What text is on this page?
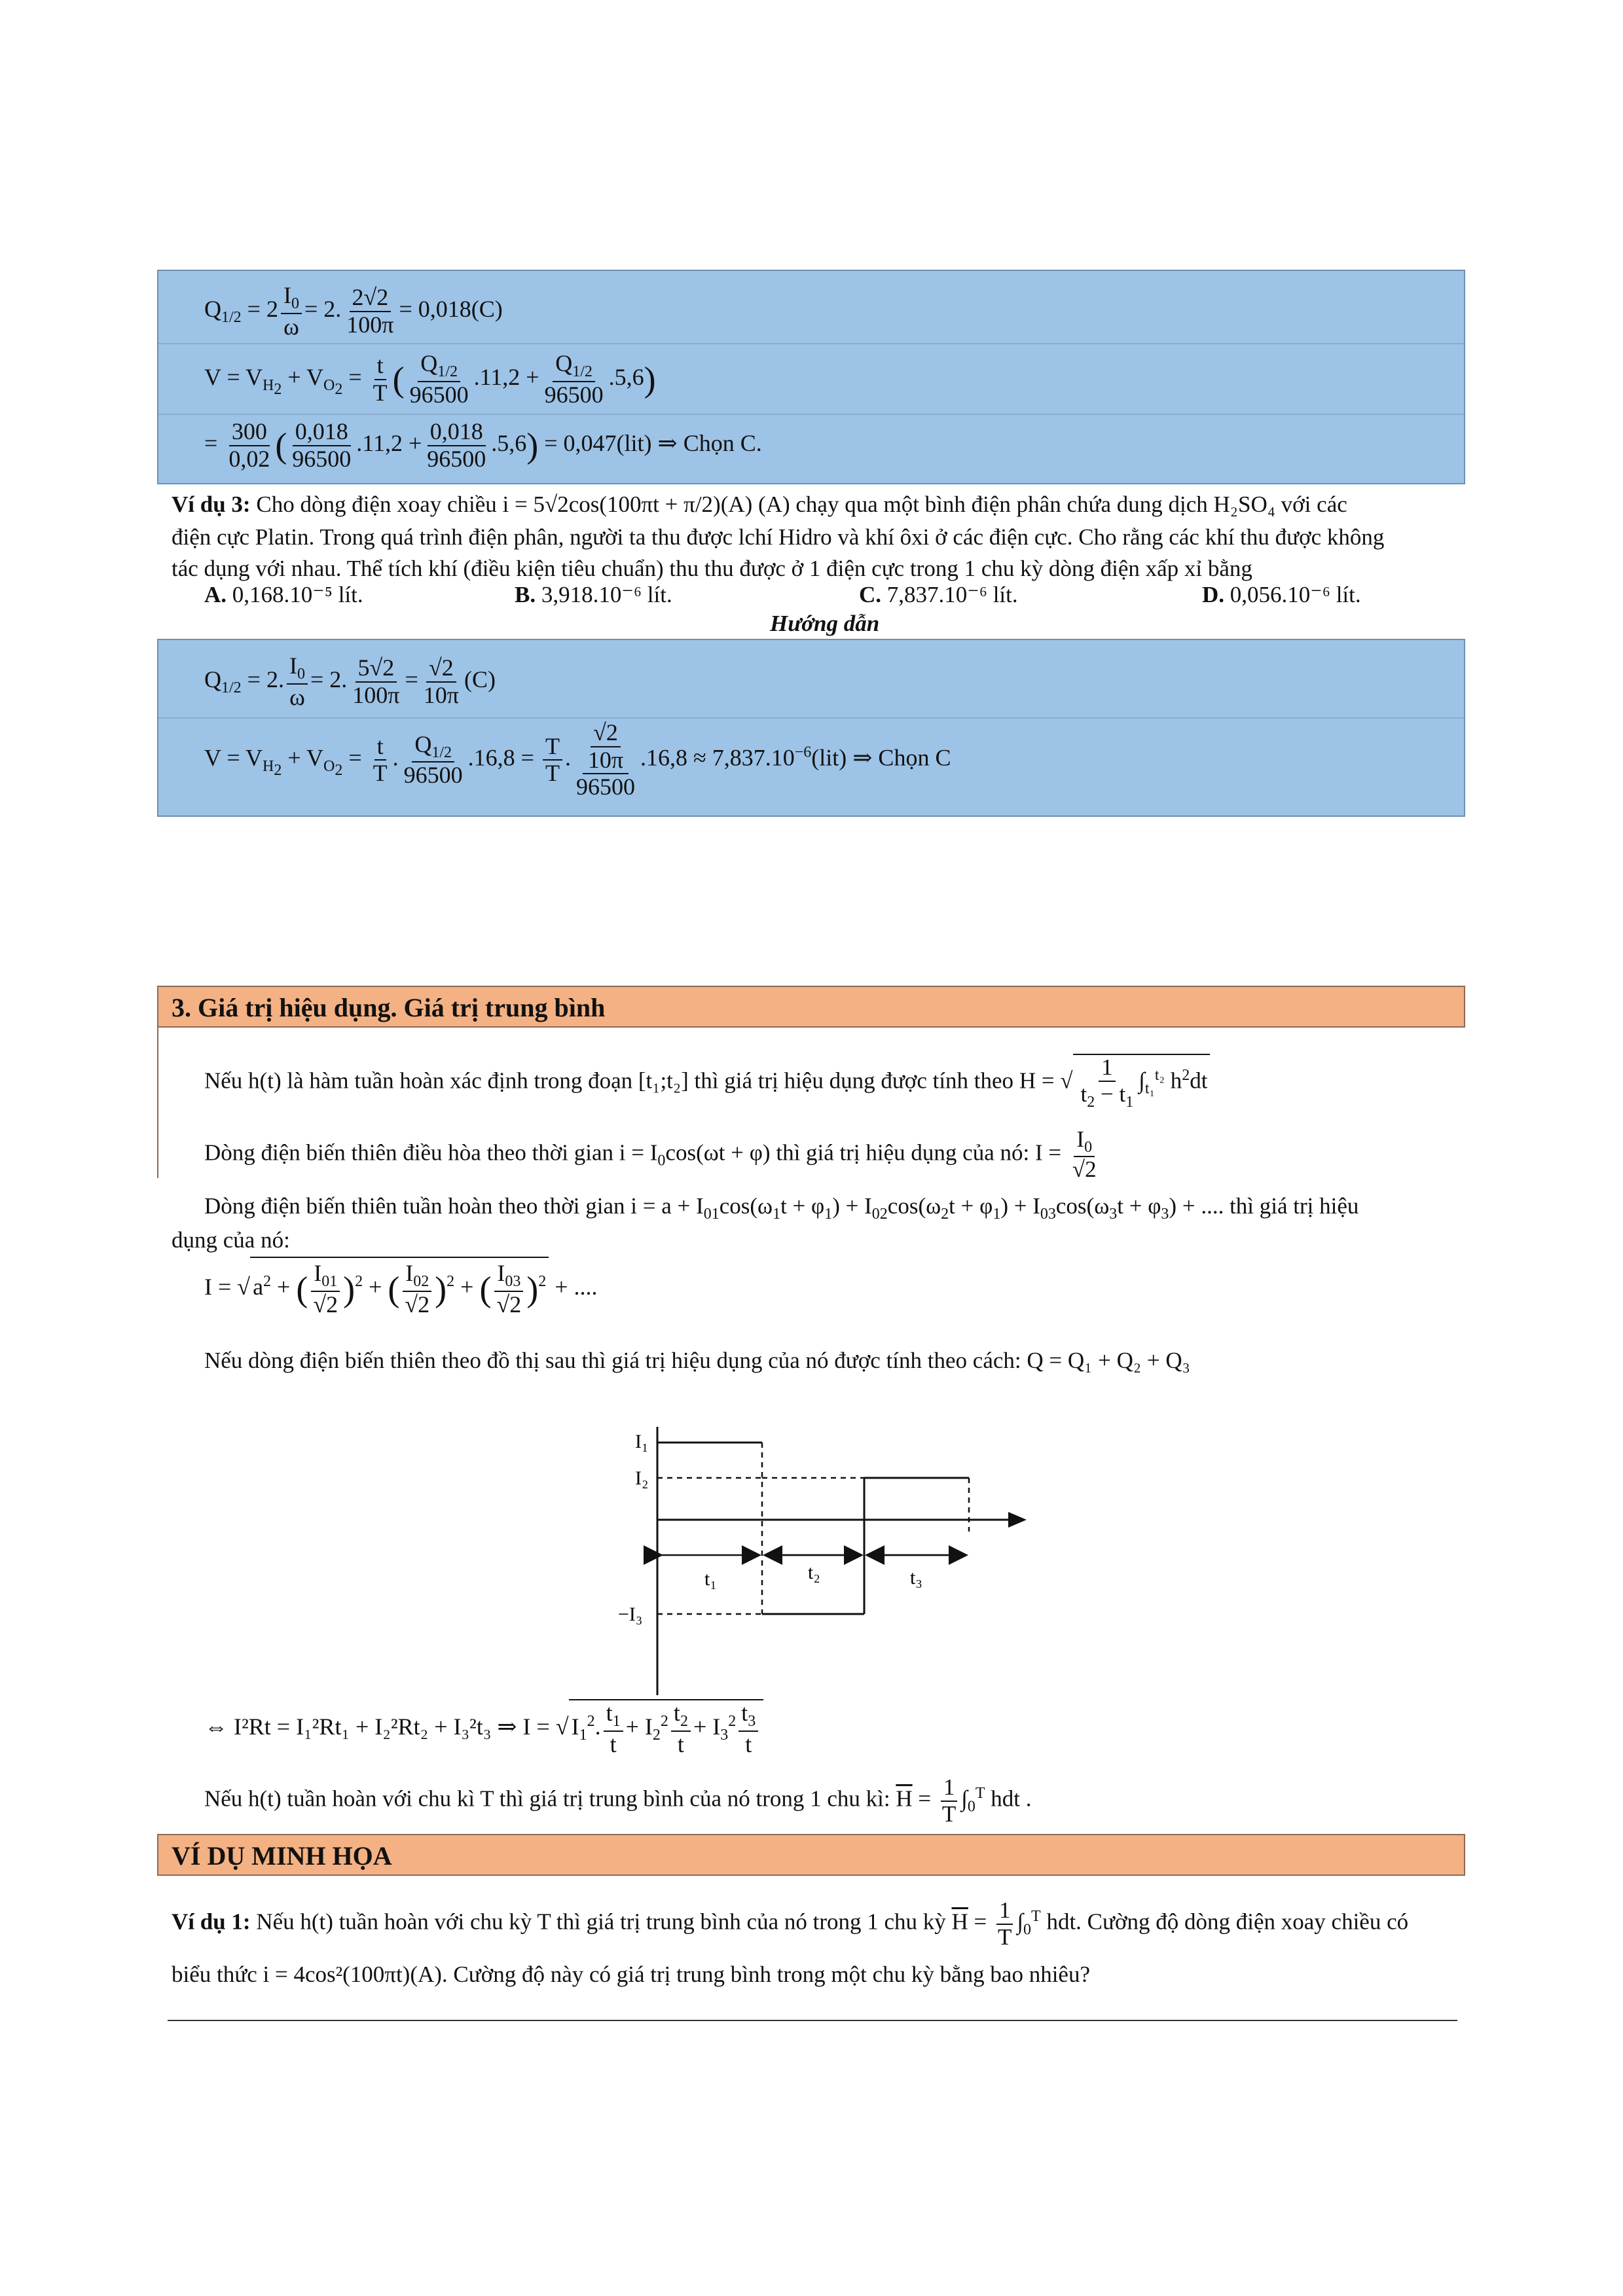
$Q_{1/2} = 2 \frac{I_0}{\omega} = 2$. $\frac{2√2}{100\pi} = 0,018(C)$
$V = V_{H_2} + V_{O_2} = \frac{t}{T}$ ( $\frac{Q_{1/2}}{96500} .11,2 + \frac{Q_{1/2}}{96500} .5,6$)
= $\frac{300}{0,02}$ ( $\frac{0,018}{96500} .11,2 + \frac{0,018}{96500} .5,6) = 0,047(lit)$ ⇒ Chọn C.
Ví dụ 3: Cho dòng điện xoay chiều i = 5√2cos(100πt + π/2)(A) (A) chạy qua một bình điện phân chứa dung dịch H₂SO₄ với các
điện cực Platin. Trong quá trình điện phân, người ta thu được lchí Hidro và khí ôxi ở các điện cực. Cho rằng các khí thu được không
tác dụng với nhau. Thể tích khí (điều kiện tiêu chuẩn) thu thu được ở 1 điện cực trong 1 chu kỳ dòng điện xấp xỉ bằng
A. 0,168.10⁻⁵ lít.	B. 3,918.10⁻⁶ lít.	C. 7,837.10⁻⁶ lít.	D. 0,056.10⁻⁶ lít.
Hướng dẫn
$Q_{1/2} = 2$. $\frac{I_0}{\omega} = 2$. $\frac{5√2}{100\pi} = \frac{√2}{10\pi} (C)$
$V = V_{H_2} + V_{O_2} = \frac{t}{T}$ . $\frac{Q_{1/2}}{96500} .16,8 = \frac{T}{T}$ . $\frac{\frac{√2}{10\pi}}{96500} .16,8 \approx 7,837.10^{-6}(lit)$ ⇒ Chọn C
3. Giá trị hiệu dụng. Giá trị trung bình
Nếu h(t) là hàm tuần hoàn xác định trong đoạn [t₁;t₂] thì giá trị hiệu dụng được tính theo H = √ $\frac{1}{t_2 - t_1} \int_{t_1}^{t_2}$ $h^2dt$
Dòng điện biến thiên điều hòa theo thời gian $i = I_0\cos(\omega t + \varphi)$ thì giá trị hiệu dụng của nó: $I = \frac{I_0}{√2}$
Dòng điện biến thiên tuần hoàn theo thời gian $i = a + I_{01}\cos(\omega_1t + \varphi_1) + I_{02}\cos(\omega_2t + \varphi_1) + I_{03}\cos(\omega_3t + \varphi_3)$ + .... thì giá trị hiệu
dụng của nó:
I = √ $a^2$ + ( $\frac{I_{01}}{√2} )^2$ + ( $\frac{I_{02}}{√2} )^2$ + ( $\frac{I_{03}}{√2} )^2$ + ....
Nếu dòng điện biến thiên theo đồ thị sau thì giá trị hiệu dụng của nó được tính theo cách: Q = Q₁ + Q₂ + Q₃
I₁
I₂
−I₃
t₁	t₂	t₃
⇔ I²Rt = I₁²Rt₁ + I₂²Rt₂ + I₃²t₃ ⇒ I = √ $I_1^2$. $\frac{t_1}{t} + I_2^2 \frac{t_2}{t} + I_3^2 \frac{t_3}{t}$
Nếu h(t) tuần hoàn với chu kì T thì giá trị trung bình của nó trong 1 chu kì: $\overline{H} = \frac{1}{T} \int_0^T$ hdt .
VÍ DỤ MINH HỌA
Ví dụ 1: Nếu h(t) tuần hoàn với chu kỳ T thì giá trị trung bình của nó trong 1 chu kỳ $\overline{H} = \frac{1}{T} \int_0^T$ hdt. Cường độ dòng điện xoay chiều có
biểu thức i = 4cos²(100πt)(A). Cường độ này có giá trị trung bình trong một chu kỳ bằng bao nhiêu?
